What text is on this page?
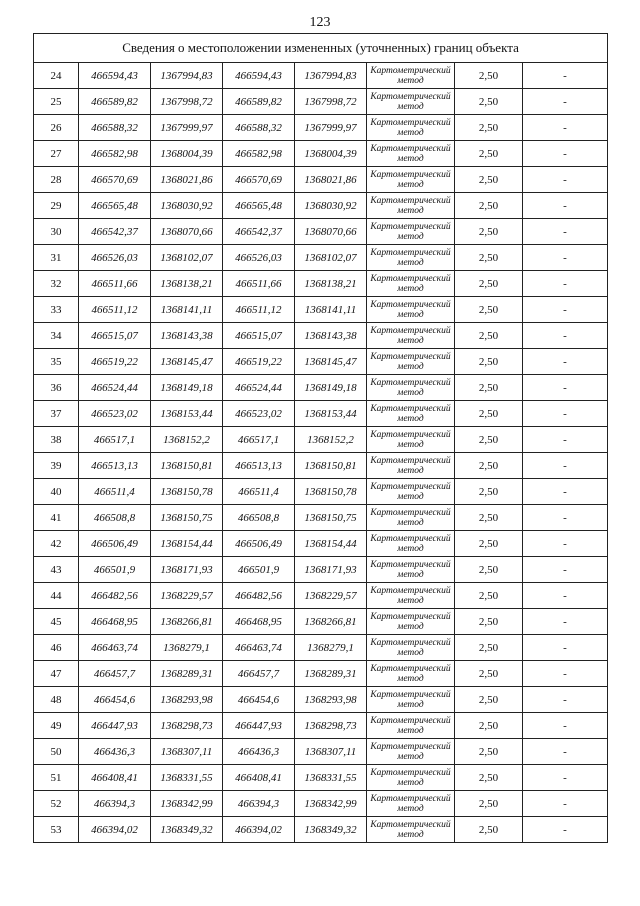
123
Сведения о местоположении измененных (уточненных) границ объекта							
24	466594,43	1367994,83	466594,43	1367994,83	Картометрический метод	2,50	-
25	466589,82	1367998,72	466589,82	1367998,72	Картометрический метод	2,50	-
26	466588,32	1367999,97	466588,32	1367999,97	Картометрический метод	2,50	-
27	466582,98	1368004,39	466582,98	1368004,39	Картометрический метод	2,50	-
28	466570,69	1368021,86	466570,69	1368021,86	Картометрический метод	2,50	-
29	466565,48	1368030,92	466565,48	1368030,92	Картометрический метод	2,50	-
30	466542,37	1368070,66	466542,37	1368070,66	Картометрический метод	2,50	-
31	466526,03	1368102,07	466526,03	1368102,07	Картометрический метод	2,50	-
32	466511,66	1368138,21	466511,66	1368138,21	Картометрический метод	2,50	-
33	466511,12	1368141,11	466511,12	1368141,11	Картометрический метод	2,50	-
34	466515,07	1368143,38	466515,07	1368143,38	Картометрический метод	2,50	-
35	466519,22	1368145,47	466519,22	1368145,47	Картометрический метод	2,50	-
36	466524,44	1368149,18	466524,44	1368149,18	Картометрический метод	2,50	-
37	466523,02	1368153,44	466523,02	1368153,44	Картометрический метод	2,50	-
38	466517,1	1368152,2	466517,1	1368152,2	Картометрический метод	2,50	-
39	466513,13	1368150,81	466513,13	1368150,81	Картометрический метод	2,50	-
40	466511,4	1368150,78	466511,4	1368150,78	Картометрический метод	2,50	-
41	466508,8	1368150,75	466508,8	1368150,75	Картометрический метод	2,50	-
42	466506,49	1368154,44	466506,49	1368154,44	Картометрический метод	2,50	-
43	466501,9	1368171,93	466501,9	1368171,93	Картометрический метод	2,50	-
44	466482,56	1368229,57	466482,56	1368229,57	Картометрический метод	2,50	-
45	466468,95	1368266,81	466468,95	1368266,81	Картометрический метод	2,50	-
46	466463,74	1368279,1	466463,74	1368279,1	Картометрический метод	2,50	-
47	466457,7	1368289,31	466457,7	1368289,31	Картометрический метод	2,50	-
48	466454,6	1368293,98	466454,6	1368293,98	Картометрический метод	2,50	-
49	466447,93	1368298,73	466447,93	1368298,73	Картометрический метод	2,50	-
50	466436,3	1368307,11	466436,3	1368307,11	Картометрический метод	2,50	-
51	466408,41	1368331,55	466408,41	1368331,55	Картометрический метод	2,50	-
52	466394,3	1368342,99	466394,3	1368342,99	Картометрический метод	2,50	-
53	466394,02	1368349,32	466394,02	1368349,32	Картометрический метод	2,50	-
